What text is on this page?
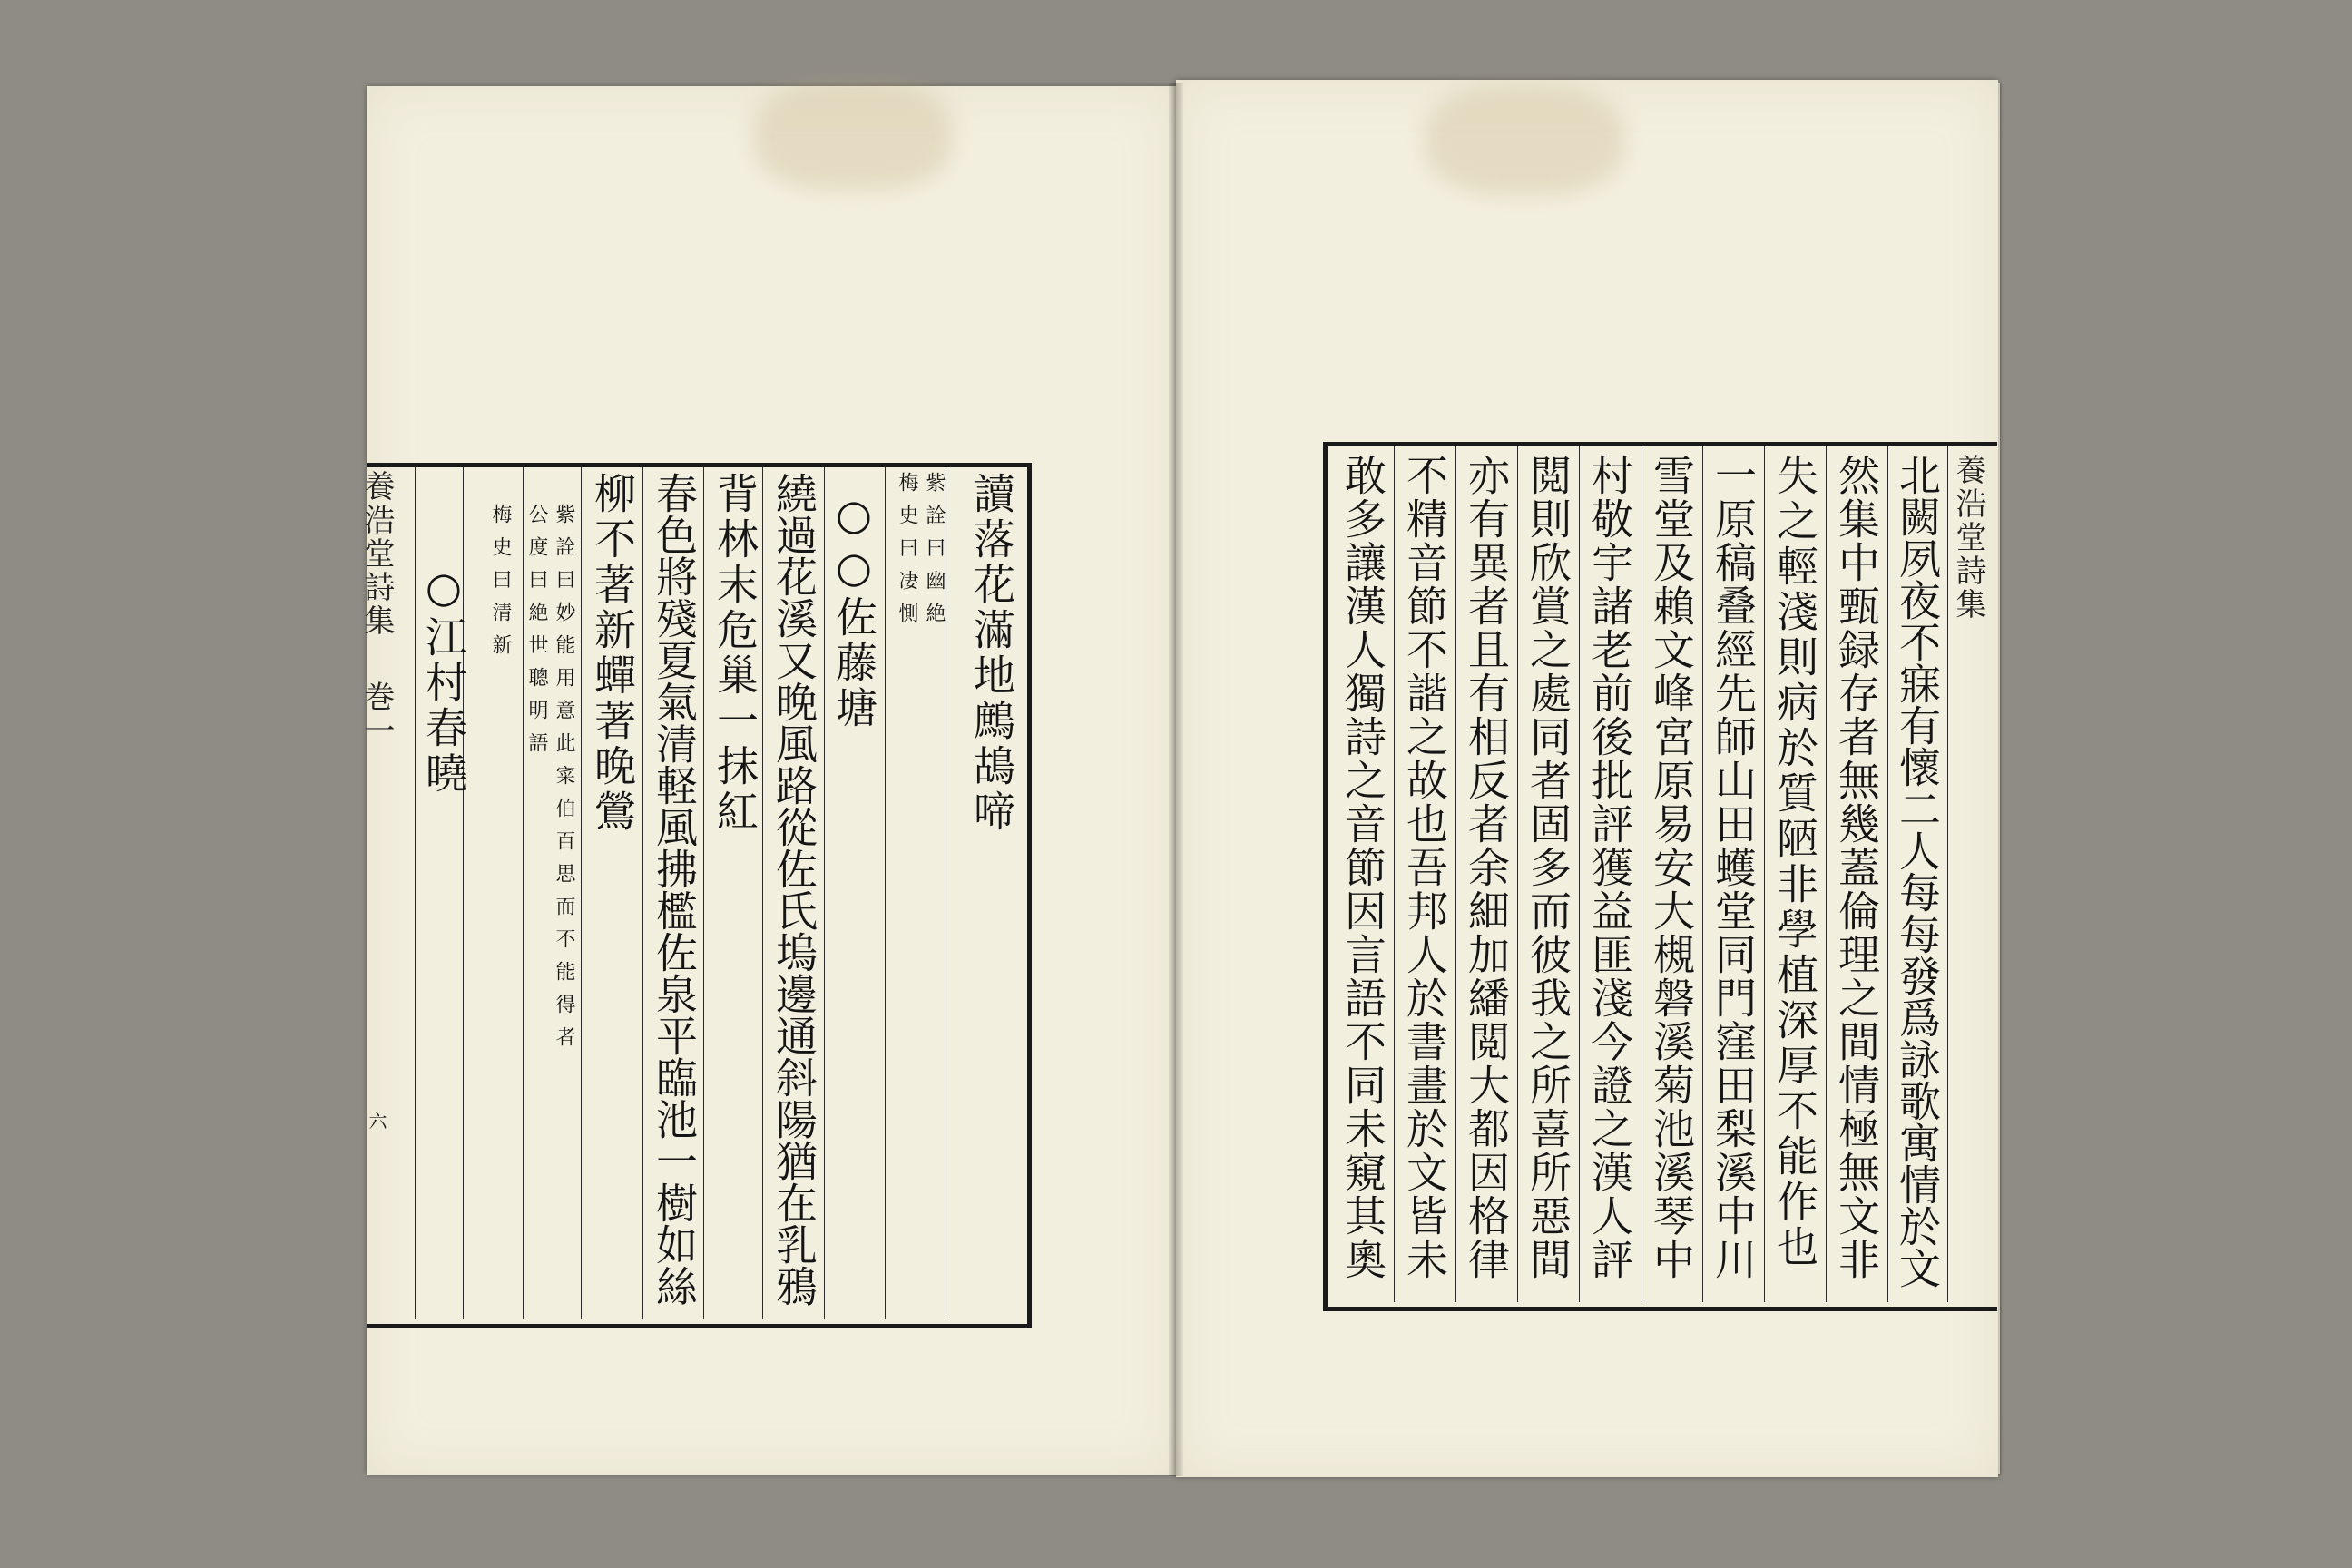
養浩堂詩集
巻一
六
讀落花滿地鷓鴣啼
紫詮曰幽絶
梅史曰凄惻
○○佐藤塘
繞過花溪又晚風路從佐氏塢邊通斜陽猶在乳鴉
背林末危巢一抹紅
春色將殘夏氣清軽風拂檻佐泉平臨池一樹如絲
柳不著新蟬著晚鶯
紫詮曰妙能用意此寀伯百思而不能得者
公度曰絶世聰明語
梅史曰清新
○江村春曉
養浩堂詩集
北闕夙夜不寐有懷二人每每發爲詠歌寓情於文
然集中甄録存者無幾蓋倫理之間情極無文非
失之輕淺則病於質陋非學植深厚不能作也
一原稿叠經先師山田蠖堂同門窪田梨溪中川
雪堂及賴文峰宮原易安大槻磐溪菊池溪琴中
村敬宇諸老前後批評獲益匪淺今證之漢人評
閲則欣賞之處同者固多而彼我之所喜所惡間
亦有異者且有相反者余細加繙閲大都因格律
不精音節不諧之故也吾邦人於書畫於文皆未
敢多讓漢人獨詩之音節因言語不同未窺其奧
